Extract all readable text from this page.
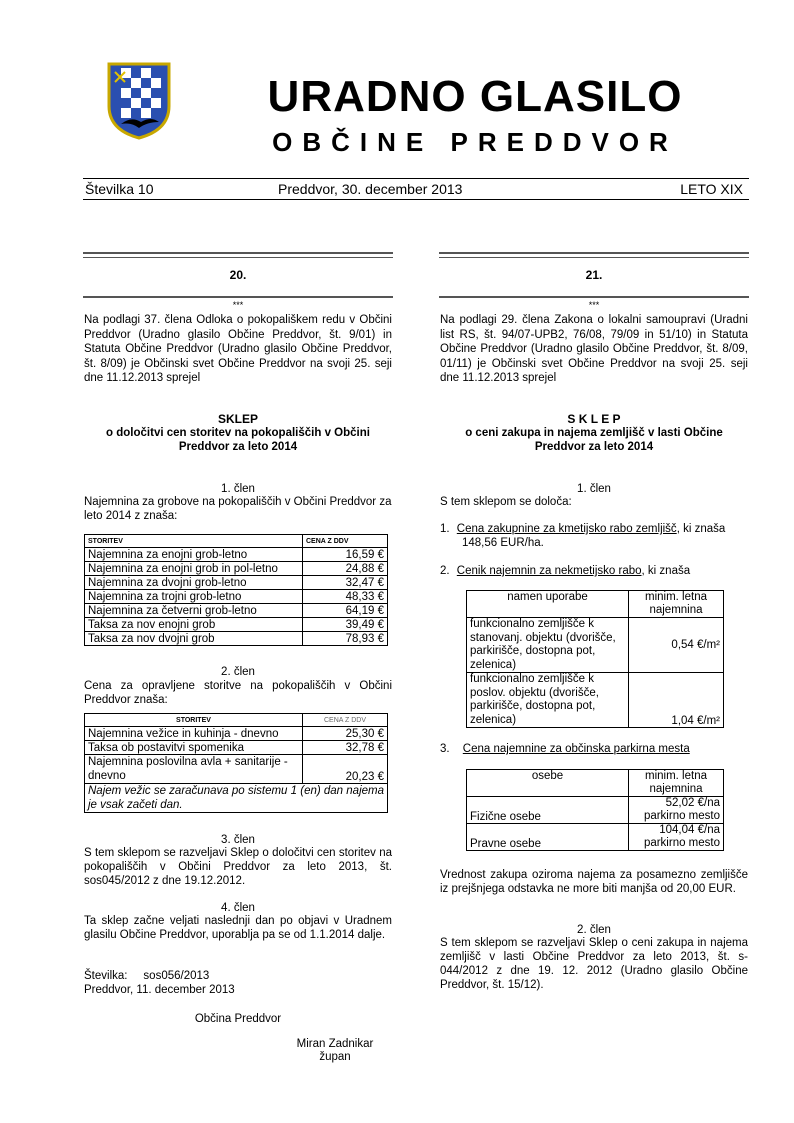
URADNO GLASILO
OBČINE PREDDVOR
Številka 10	Preddvor, 30. december 2013	LETO XIX
20.
***
Na podlagi 37. člena Odloka o pokopališkem redu v Občini Preddvor (Uradno glasilo Občine Preddvor, št. 9/01) in Statuta Občine Preddvor (Uradno glasilo Občine Preddvor, št. 8/09) je Občinski svet Občine Preddvor na svoji 25. seji dne 11.12.2013 sprejel
SKLEP
o določitvi cen storitev na pokopališčih v Občini Preddvor za leto 2014
1. člen
Najemnina za grobove na pokopališčih v Občini Preddvor za leto 2014 z znaša:
STORITEV	CENA Z DDV
Najemnina za enojni grob-letno	16,59 €
Najemnina za enojni grob in pol-letno	24,88 €
Najemnina za dvojni grob-letno	32,47 €
Najemnina za trojni grob-letno	48,33 €
Najemnina za četverni grob-letno	64,19 €
Taksa za nov enojni grob	39,49 €
Taksa za nov dvojni grob	78,93 €
2. člen
Cena za opravljene storitve na pokopališčih v Občini Preddvor znaša:
STORITEV	CENA Z DDV
Najemnina vežice in kuhinja - dnevno	25,30 €
Taksa ob postavitvi spomenika	32,78 €
Najemnina poslovilna avla + sanitarije - dnevno	20,23 €
Najem vežic se zaračunava po sistemu 1 (en) dan najema je vsak začeti dan.	
3. člen
S tem sklepom se razveljavi Sklep o določitvi cen storitev na pokopališčih v Občini Preddvor za leto 2013, št. sos045/2012 z dne 19.12.2012.
4. člen
Ta sklep začne veljati naslednji dan po objavi v Uradnem glasilu Občine Preddvor, uporablja pa se od 1.1.2014 dalje.
Številka:     sos056/2013
Preddvor, 11. december 2013
Občina Preddvor
Miran Zadnikar
župan
21.
***
Na podlagi 29. člena Zakona o lokalni samoupravi (Uradni list RS, št. 94/07-UPB2, 76/08, 79/09 in 51/10) in Statuta Občine Preddvor (Uradno glasilo Občine Preddvor, št. 8/09, 01/11) je Občinski svet Občine Preddvor na svoji 25. seji dne 11.12.2013 sprejel
S K L E P
o ceni zakupa in najema zemljišč v lasti Občine Preddvor za leto 2014
1. člen
S tem sklepom se določa:
1. Cena zakupnine za kmetijsko rabo zemljišč, ki znaša
148,56 EUR/ha.
2. Cenik najemnin za nekmetijsko rabo, ki znaša
namen uporabe	minim. letna najemnina
funkcionalno zemljišče k stanovanj. objektu (dvorišče, parkirišče, dostopna pot, zelenica)	0,54 €/m²
funkcionalno zemljišče k poslov. objektu (dvorišče, parkirišče, dostopna pot, zelenica)	1,04 €/m²
3. Cena najemnine za občinska parkirna mesta
osebe	minim. letna najemnina
Fizične osebe	52,02 €/na parkirno mesto
Pravne osebe	104,04 €/na parkirno mesto
Vrednost zakupa oziroma najema za posamezno zemljišče iz prejšnjega odstavka ne more biti manjša od 20,00 EUR.
2. člen
S tem sklepom se razveljavi Sklep o ceni zakupa in najema zemljišč v lasti Občine Preddvor za leto 2013, št. s-044/2012 z dne 19. 12. 2012 (Uradno glasilo Občine Preddvor, št. 15/12).
